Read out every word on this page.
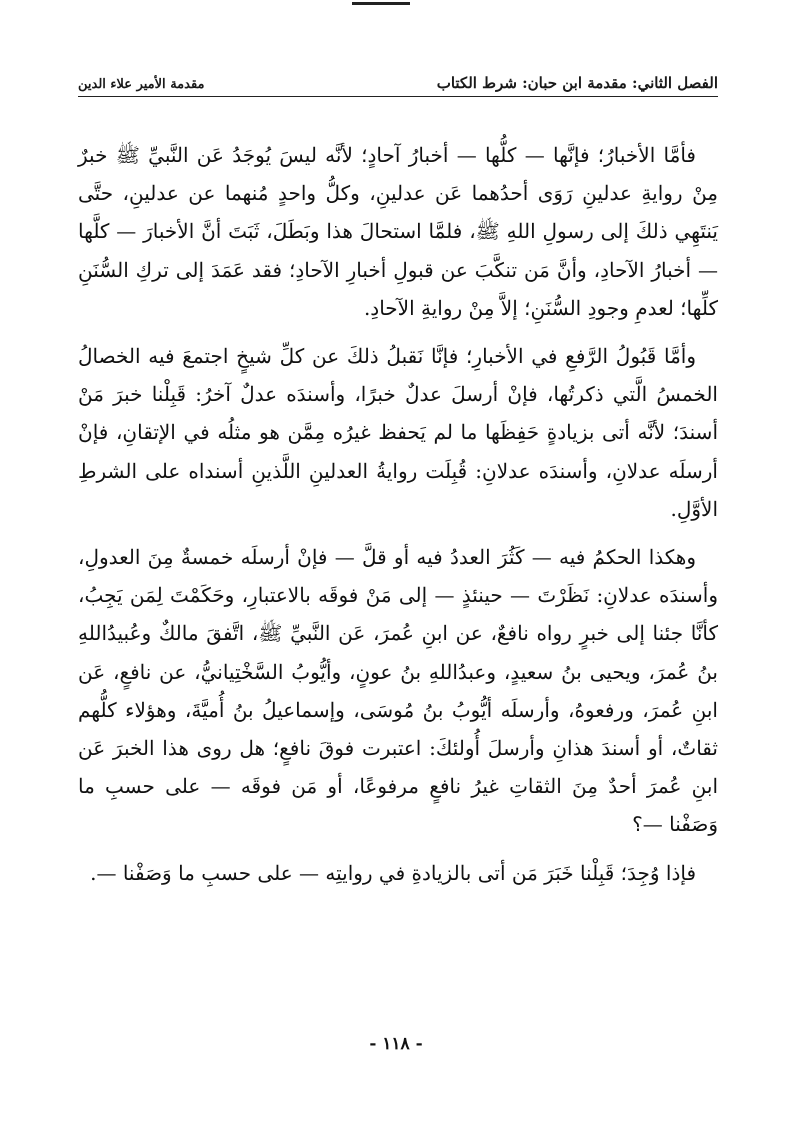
الفصل الثاني: مقدمة ابن حبان: شرط الكتاب
مقدمة الأمير علاء الدين

فأمَّا الأخبارُ؛ فإنَّها — كلُّها — أخبارُ آحادٍ؛ لأنَّه ليسَ يُوجَدُ عَن النَّبيِّ ﷺ خبرٌ مِنْ روايةِ عدلينِ رَوَى أحدُهما عَن عدلينِ، وكلُّ واحدٍ مُنهما عن عدلينِ، حتَّى يَنتَهِي ذلكَ إلى رسولِ اللهِ ﷺ، فلمَّا استحالَ هذا وبَطَلَ، ثَبَتَ أنَّ الأخبارَ — كلَّها — أخبارُ الآحادِ، وأنَّ مَن تنكَّبَ عن قبولِ أخبارِ الآحادِ؛ فقد عَمَدَ إلى تركِ السُّنَنِ كلِّها؛ لعدمِ وجودِ السُّنَنِ؛ إلاَّ مِنْ روايةِ الآحادِ.

وأمَّا قَبُولُ الرَّفعِ في الأخبارِ؛ فإنَّا نَقبلُ ذلكَ عن كلِّ شيخٍ اجتمعَ فيه الخصالُ الخمسُ الَّتي ذكرتُها، فإنْ أرسلَ عدلٌ خبرًا، وأسندَه عدلٌ آخرُ: قَبِلْنا خبرَ مَنْ أسندَ؛ لأنَّه أتى بزيادةٍ حَفِظَها ما لم يَحفظ غيرُه مِمَّن هو مثلُه في الإتقانِ، فإنْ أرسلَه عدلانِ، وأسندَه عدلانِ: قُبِلَت روايةُ العدلينِ اللَّذينِ أسنداه على الشرطِ الأوَّلِ.

وهكذا الحكمُ فيه — كَثُرَ العددُ فيه أو قلَّ — فإنْ أرسلَه خمسةٌ مِنَ العدولِ، وأسندَه عدلانِ: نَظَرْتَ — حينئذٍ — إلى مَنْ فوقَه بالاعتبارِ، وحَكَمْتَ لِمَن يَجِبُ، كأنَّا جئنا إلى خبرٍ رواه نافعٌ، عن ابنِ عُمرَ، عَن النَّبيِّ ﷺ، اتَّفقَ مالكٌ وعُبيدُاللهِ بنُ عُمرَ، ويحيى بنُ سعيدٍ، وعبدُاللهِ بنُ عونٍ، وأيُّوبُ السَّخْتِيانيُّ، عن نافعٍ، عَن ابنِ عُمرَ، ورفعوهُ، وأرسلَه أيُّوبُ بنُ مُوسَى، وإسماعيلُ بنُ أُميَّةَ، وهؤلاء كلُّهم ثقاتٌ، أو أسندَ هذانِ وأرسلَ أُولئكَ: اعتبرت فوقَ نافعٍ؛ هل روى هذا الخبرَ عَن ابنِ عُمرَ أحدٌ مِنَ الثقاتِ غيرُ نافعٍ مرفوعًا، أو مَن فوقَه — على حسبِ ما وَصَفْنا —؟

فإذا وُجِدَ؛ قَبِلْنا خَبَرَ مَن أتى بالزيادةِ في روايتِه — على حسبِ ما وَصَفْنا —.

- ١١٨ -
